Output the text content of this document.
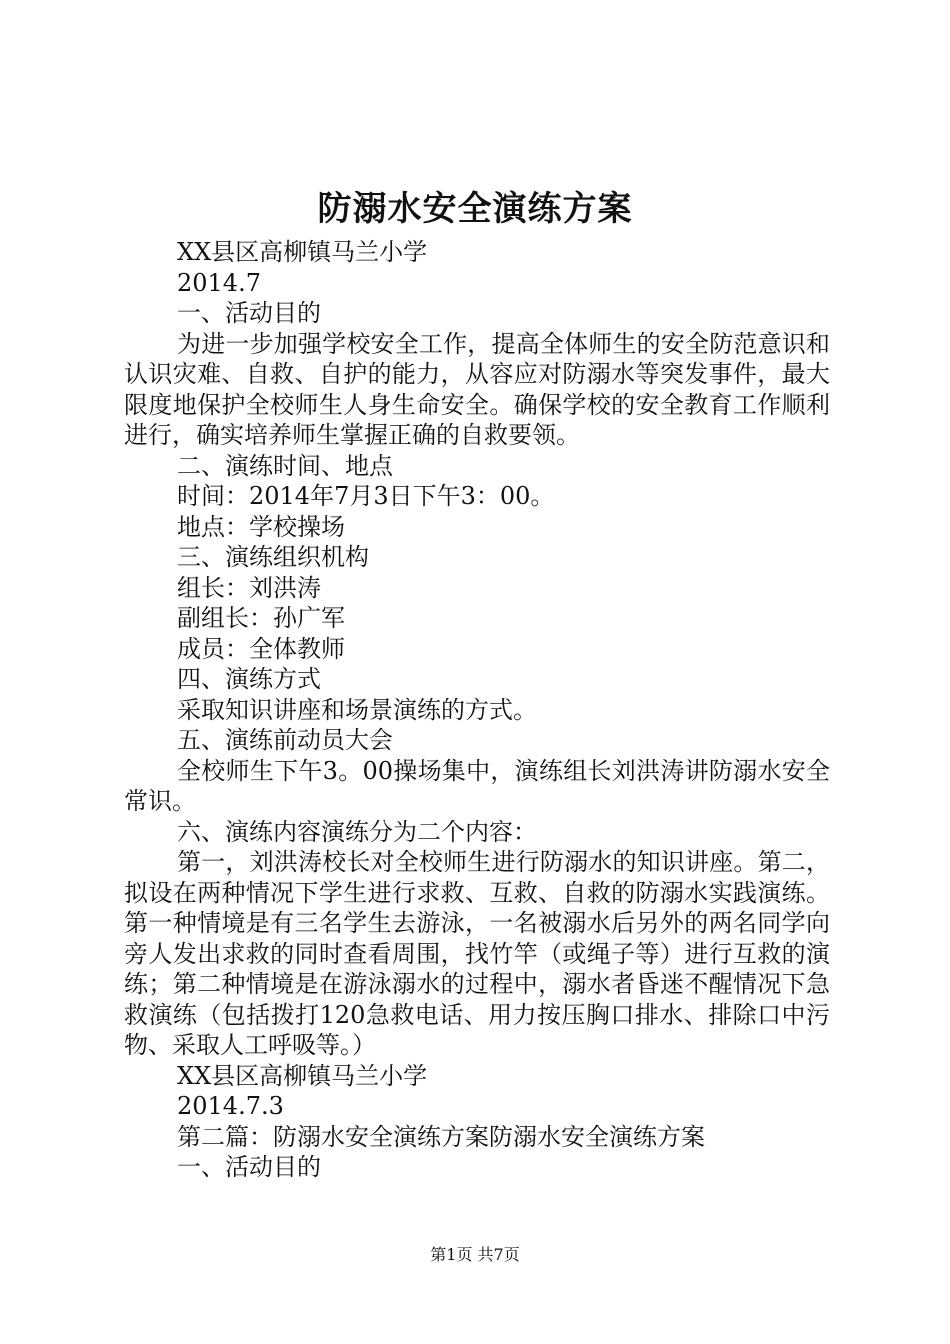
防溺水安全演练方案

XX县区高柳镇马兰小学

2014.7

一、活动目的

为进一步加强学校安全工作，提高全体师生的安全防范意识和认识灾难、自救、自护的能力，从容应对防溺水等突发事件，最大限度地保护全校师生人身生命安全。确保学校的安全教育工作顺利进行，确实培养师生掌握正确的自救要领。

二、演练时间、地点

时间：2014年7月3日下午3：00。

地点：学校操场

三、演练组织机构

组长：刘洪涛

副组长：孙广军

成员：全体教师

四、演练方式

采取知识讲座和场景演练的方式。

五、演练前动员大会

全校师生下午3。00操场集中，演练组长刘洪涛讲防溺水安全常识。

六、演练内容演练分为二个内容：

第一，刘洪涛校长对全校师生进行防溺水的知识讲座。第二，拟设在两种情况下学生进行求救、互救、自救的防溺水实践演练。第一种情境是有三名学生去游泳，一名被溺水后另外的两名同学向旁人发出求救的同时查看周围，找竹竿（或绳子等）进行互救的演练；第二种情境是在游泳溺水的过程中，溺水者昏迷不醒情况下急救演练（包括拨打120急救电话、用力按压胸口排水、排除口中污物、采取人工呼吸等。）

XX县区高柳镇马兰小学

2014.7.3

第二篇：防溺水安全演练方案防溺水安全演练方案

一、活动目的

第1页 共7页
